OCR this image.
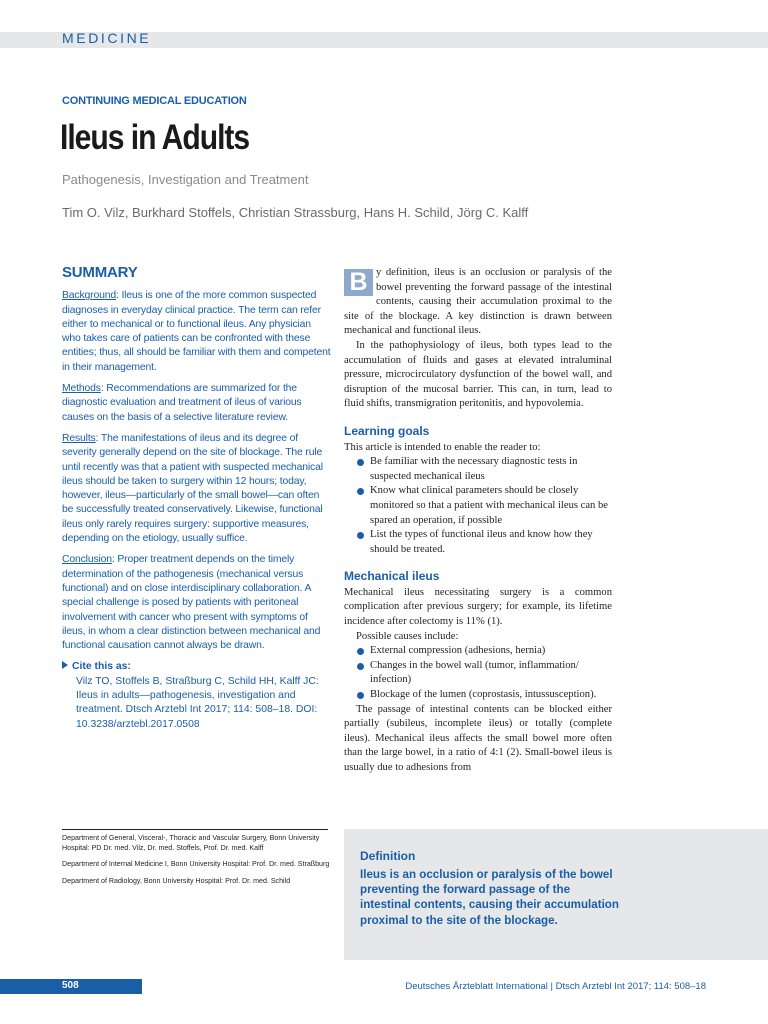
MEDICINE
CONTINUING MEDICAL EDUCATION
Ileus in Adults
Pathogenesis, Investigation and Treatment
Tim O. Vilz, Burkhard Stoffels, Christian Strassburg, Hans H. Schild, Jörg C. Kalff
SUMMARY

Background: Ileus is one of the more common suspected diagnoses in everyday clinical practice. The term can refer either to mechanical or to functional ileus. Any physician who takes care of patients can be confronted with these entities; thus, all should be familiar with them and competent in their management.

Methods: Recommendations are summarized for the diagnostic evaluation and treatment of ileus of various causes on the basis of a selective literature review.

Results: The manifestations of ileus and its degree of severity generally depend on the site of blockage. The rule until recently was that a patient with suspected mechanical ileus should be taken to surgery within 12 hours; today, however, ileus—particularly of the small bowel—can often be successfully treated conservatively. Likewise, functional ileus only rarely requires surgery: supportive measures, depending on the etiology, usually suffice.

Conclusion: Proper treatment depends on the timely determination of the pathogenesis (mechanical versus functional) and on close interdisciplinary collaboration. A special challenge is posed by patients with peritoneal involvement with cancer who present with symptoms of ileus, in whom a clear distinction between mechanical and functional causation cannot always be drawn.

Cite this as:
Vilz TO, Stoffels B, Straßburg C, Schild HH, Kalff JC: Ileus in adults—pathogenesis, investigation and treatment. Dtsch Arztebl Int 2017; 114: 508–18. DOI: 10.3238/arztebl.2017.0508

B y definition, ileus is an occlusion or paralysis of the bowel preventing the forward passage of the intestinal contents, causing their accumulation proximal to the site of the blockage. A key distinction is drawn between mechanical and functional ileus.

In the pathophysiology of ileus, both types lead to the accumulation of fluids and gases at elevated intraluminal pressure, microcirculatory dysfunction of the bowel wall, and disruption of the mucosal barrier. This can, in turn, lead to fluid shifts, transmigration peritonitis, and hypovolemia.

Learning goals

This article is intended to enable the reader to:

Be familiar with the necessary diagnostic tests in suspected mechanical ileus
Know what clinical parameters should be closely monitored so that a patient with mechanical ileus can be spared an operation, if possible
List the types of functional ileus and know how they should be treated.
Mechanical ileus

Mechanical ileus necessitating surgery is a common complication after previous surgery; for example, its lifetime incidence after colectomy is 11% (1).

Possible causes include:

External compression (adhesions, hernia)
Changes in the bowel wall (tumor, inflammation/ infection)
Blockage of the lumen (coprostasis, intussusception).

The passage of intestinal contents can be blocked either partially (subileus, incomplete ileus) or totally (complete ileus). Mechanical ileus affects the small bowel more often than the large bowel, in a ratio of 4:1 (2). Small-bowel ileus is usually due to adhesions from

Department of General, Visceral-, Thoracic and Vascular Surgery, Bonn University Hospital: PD Dr. med. Vilz, Dr. med. Stoffels, Prof. Dr. med. Kalff

Department of Internal Medicine I, Bonn University Hospital: Prof. Dr. med. Straßburg

Department of Radiology, Bonn University Hospital: Prof. Dr. med. Schild

Definition

Ileus is an occlusion or paralysis of the bowel preventing the forward passage of the intestinal contents, causing their accumulation proximal to the site of the blockage.

508	Deutsches Ärzteblatt International | Dtsch Arztebl Int 2017; 114: 508–18
